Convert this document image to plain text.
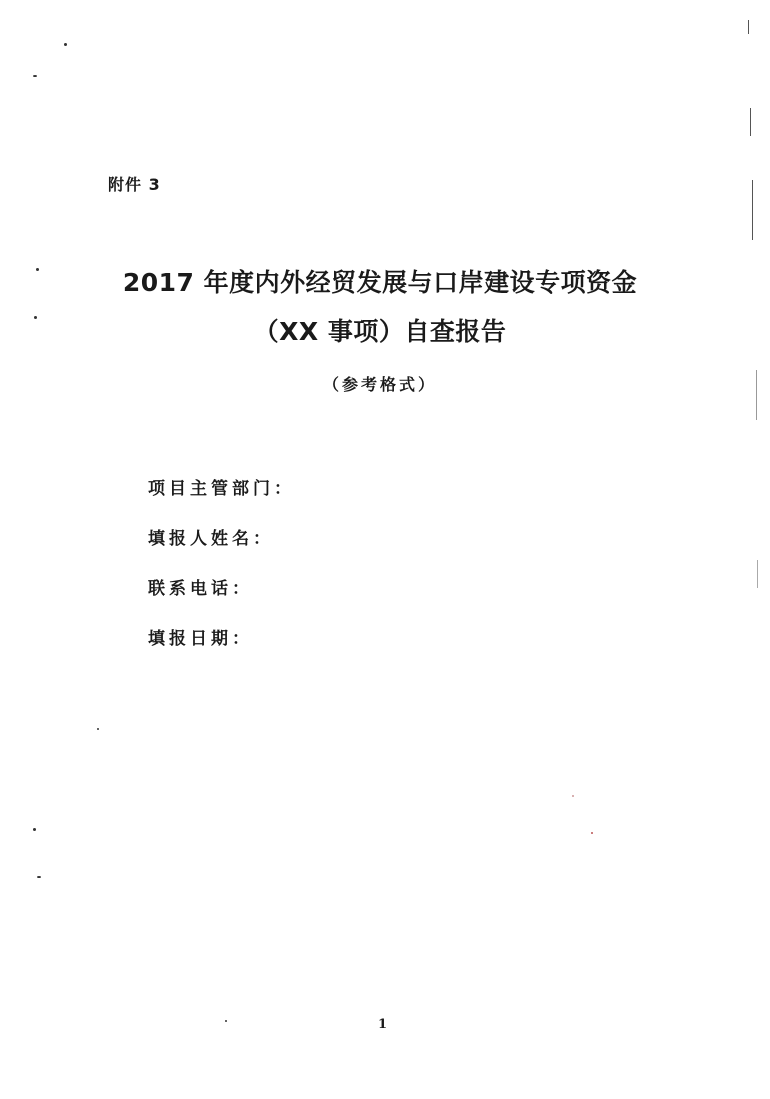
附件 3
2017 年度内外经贸发展与口岸建设专项资金
（XX 事项）自查报告
（参考格式）
项目主管部门：
填报人姓名：
联系电话：
填报日期：
1
